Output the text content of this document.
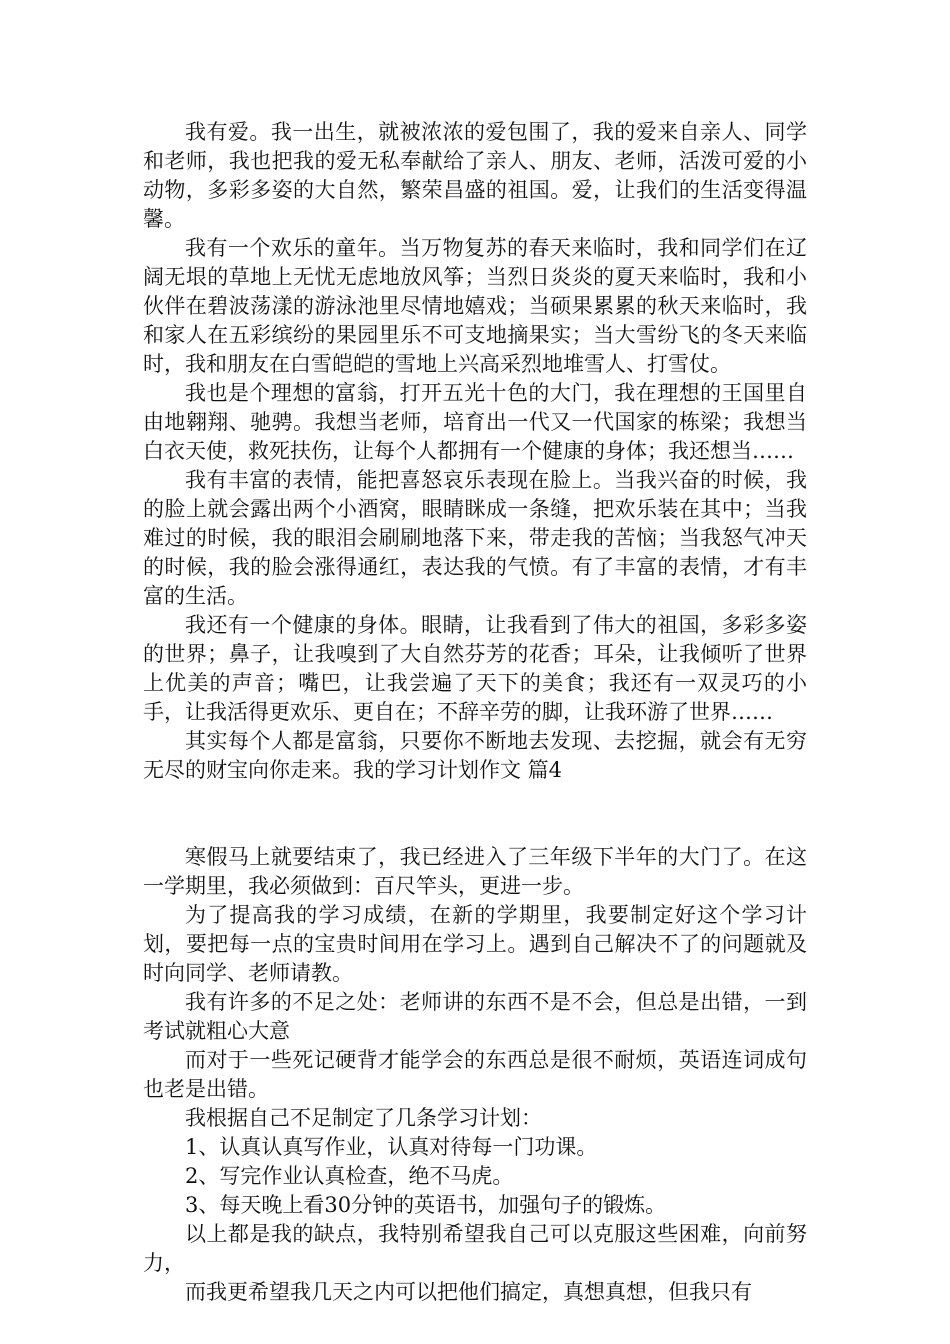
我有爱。我一出生，就被浓浓的爱包围了，我的爱来自亲人、同学和老师，我也把我的爱无私奉献给了亲人、朋友、老师，活泼可爱的小动物，多彩多姿的大自然，繁荣昌盛的祖国。爱，让我们的生活变得温馨。

我有一个欢乐的童年。当万物复苏的春天来临时，我和同学们在辽阔无垠的草地上无忧无虑地放风筝；当烈日炎炎的夏天来临时，我和小伙伴在碧波荡漾的游泳池里尽情地嬉戏；当硕果累累的秋天来临时，我和家人在五彩缤纷的果园里乐不可支地摘果实；当大雪纷飞的冬天来临时，我和朋友在白雪皑皑的雪地上兴高采烈地堆雪人、打雪仗。

我也是个理想的富翁，打开五光十色的大门，我在理想的王国里自由地翱翔、驰骋。我想当老师，培育出一代又一代国家的栋梁；我想当白衣天使，救死扶伤，让每个人都拥有一个健康的身体；我还想当……

我有丰富的表情，能把喜怒哀乐表现在脸上。当我兴奋的时候，我的脸上就会露出两个小酒窝，眼睛眯成一条缝，把欢乐装在其中；当我难过的时候，我的眼泪会刷刷地落下来，带走我的苦恼；当我怒气冲天的时候，我的脸会涨得通红，表达我的气愤。有了丰富的表情，才有丰富的生活。

我还有一个健康的身体。眼睛，让我看到了伟大的祖国，多彩多姿的世界；鼻子，让我嗅到了大自然芬芳的花香；耳朵，让我倾听了世界上优美的声音；嘴巴，让我尝遍了天下的美食；我还有一双灵巧的小手，让我活得更欢乐、更自在；不辞辛劳的脚，让我环游了世界……

其实每个人都是富翁，只要你不断地去发现、去挖掘，就会有无穷无尽的财宝向你走来。我的学习计划作文 篇4

寒假马上就要结束了，我已经进入了三年级下半年的大门了。在这一学期里，我必须做到：百尺竿头，更进一步。

为了提高我的学习成绩，在新的学期里，我要制定好这个学习计划，要把每一点的宝贵时间用在学习上。遇到自己解决不了的问题就及时向同学、老师请教。

我有许多的不足之处：老师讲的东西不是不会，但总是出错，一到考试就粗心大意

而对于一些死记硬背才能学会的东西总是很不耐烦，英语连词成句也老是出错。

我根据自己不足制定了几条学习计划：

1、认真认真写作业，认真对待每一门功课。

2、写完作业认真检查，绝不马虎。

3、每天晚上看30分钟的英语书，加强句子的锻炼。

以上都是我的缺点，我特别希望我自己可以克服这些困难，向前努力，

而我更希望我几天之内可以把他们搞定，真想真想，但我只有
